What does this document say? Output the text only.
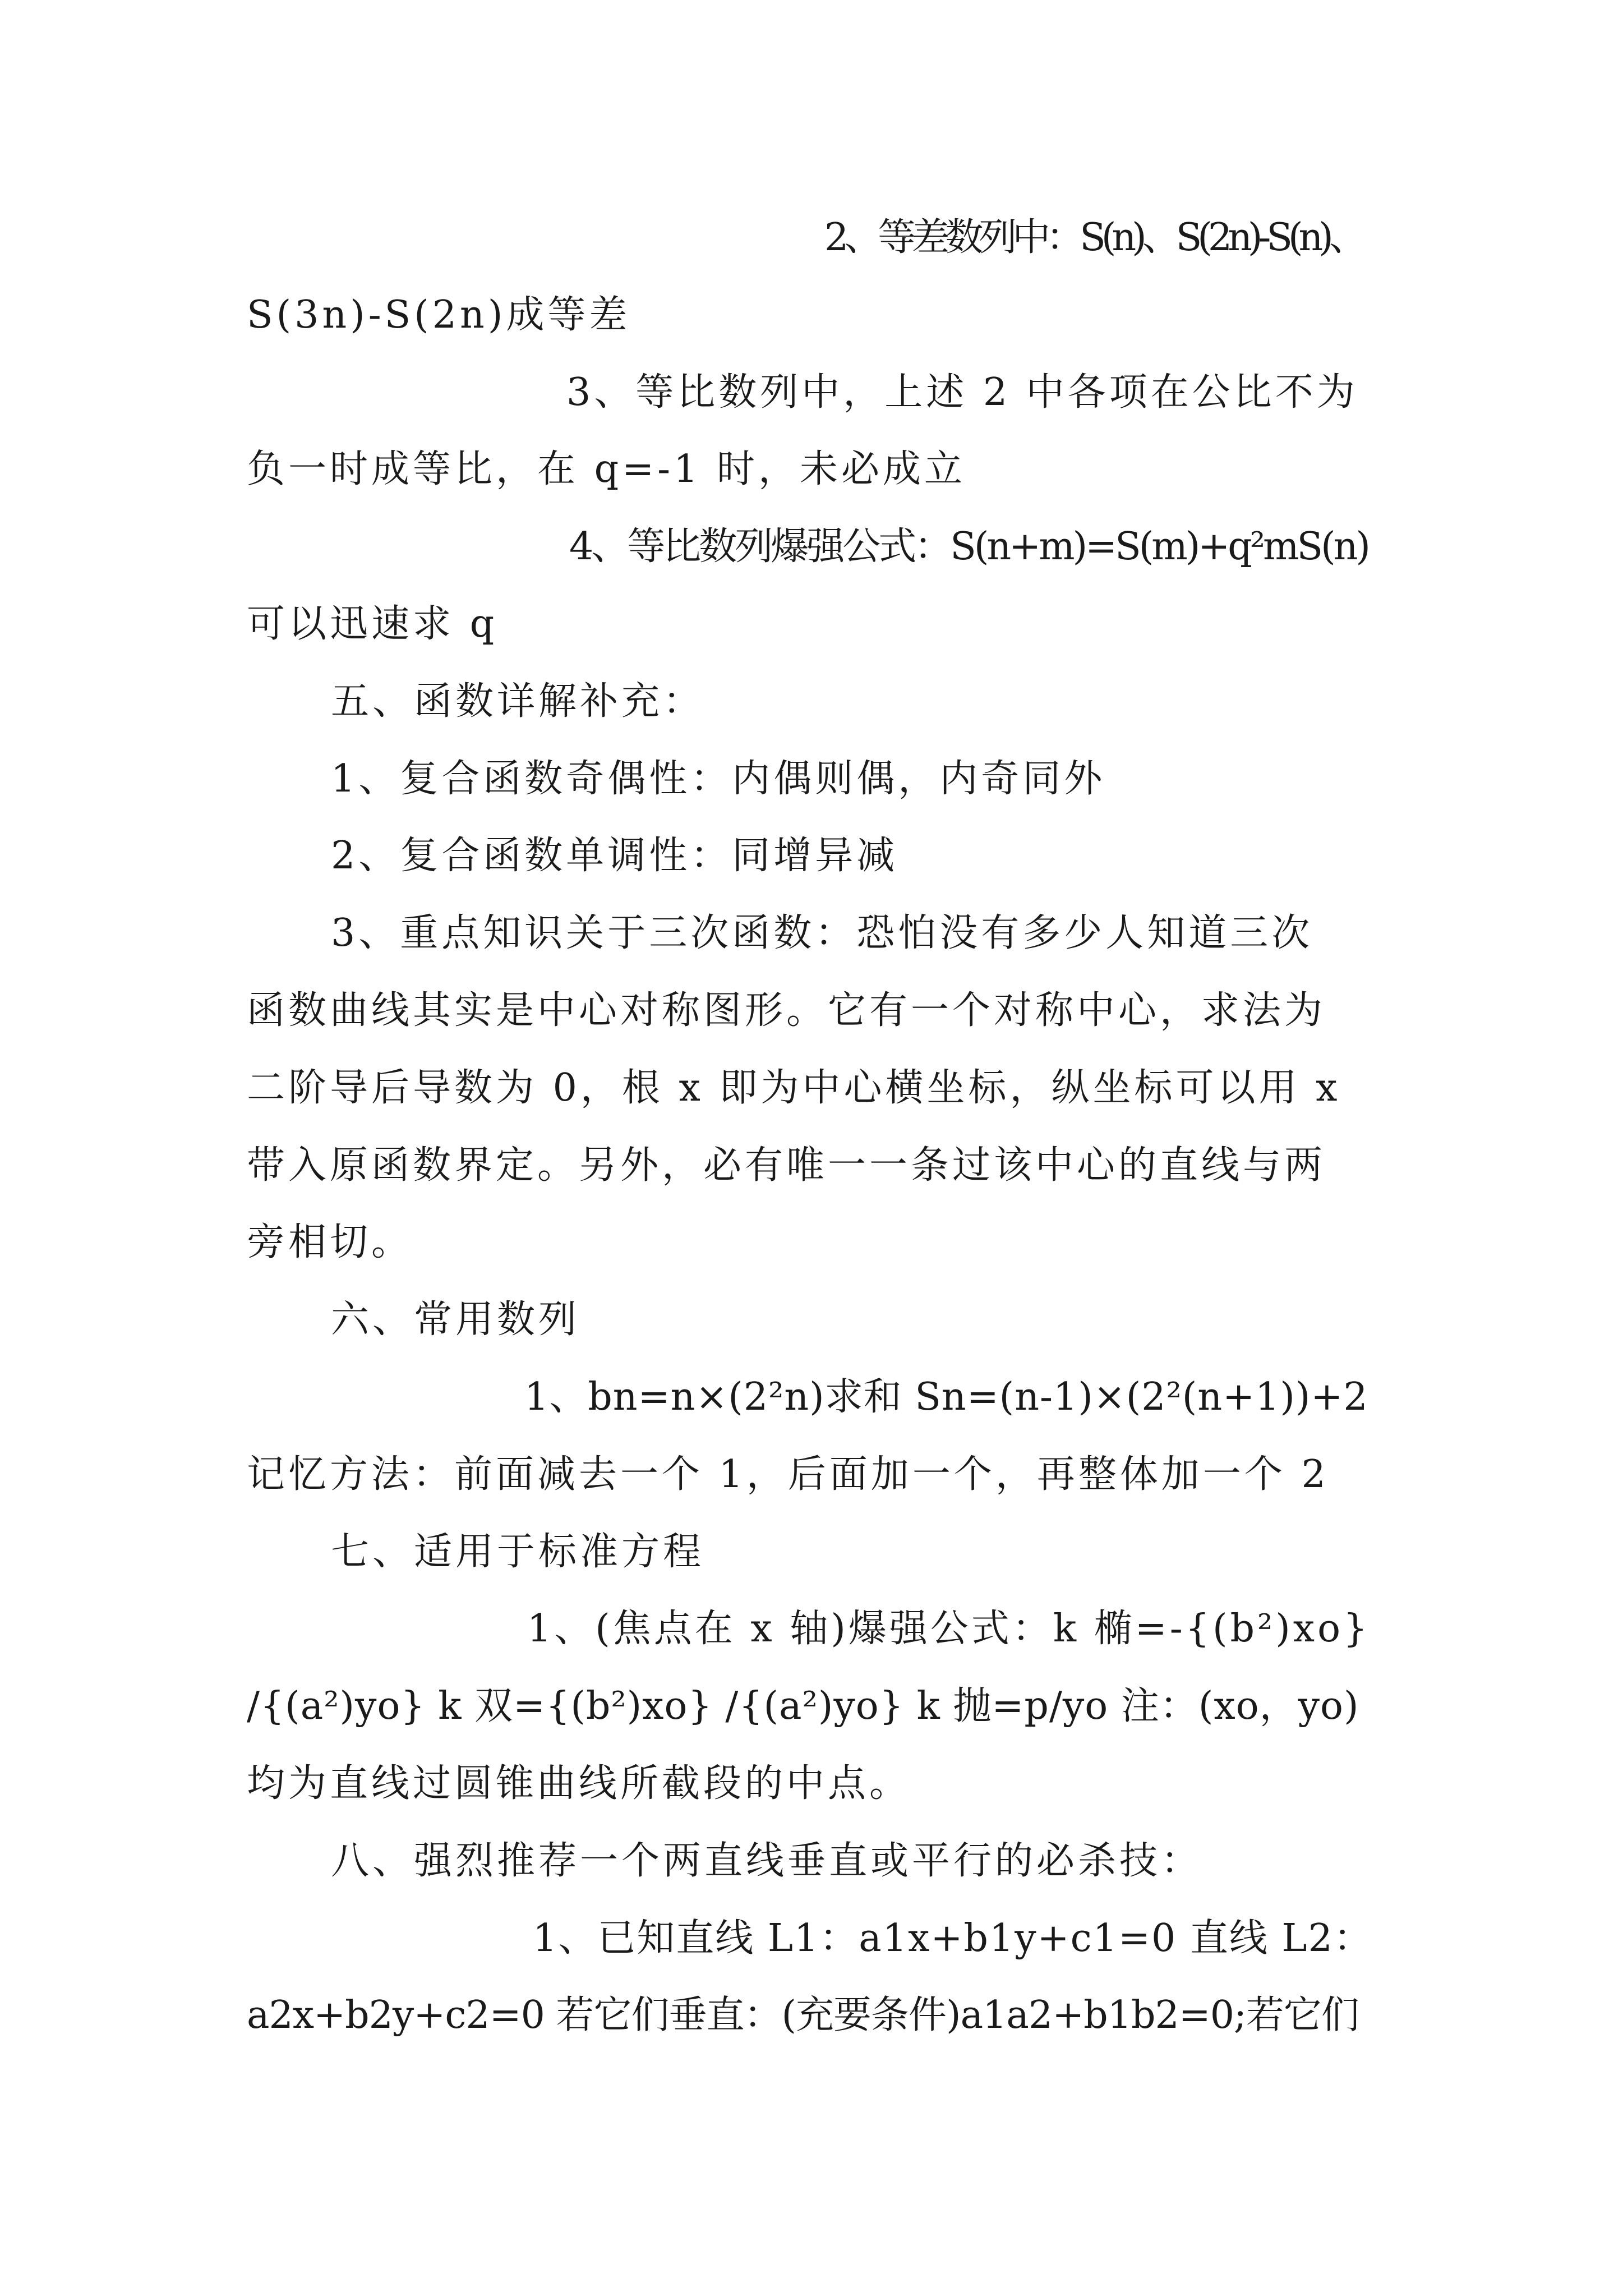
2、等差数列中：S(n)、S(2n)-S(n)、
S(3n)-S(2n)成等差
3、等比数列中，上述 2 中各项在公比不为
负一时成等比，在 q=-1 时，未必成立
4、等比数列爆强公式：S(n+m)=S(m)+q²mS(n)
可以迅速求 q
五、函数详解补充：
1、复合函数奇偶性：内偶则偶，内奇同外
2、复合函数单调性：同增异减
3、重点知识关于三次函数：恐怕没有多少人知道三次
函数曲线其实是中心对称图形。它有一个对称中心，求法为
二阶导后导数为 0，根 x 即为中心横坐标，纵坐标可以用 x
带入原函数界定。另外，必有唯一一条过该中心的直线与两
旁相切。
六、常用数列
1、bn=n×(2²n)求和 Sn=(n-1)×(2²(n+1))+2
记忆方法：前面减去一个 1，后面加一个，再整体加一个 2
七、适用于标准方程
1、(焦点在 x 轴)爆强公式：k 椭=-{(b²)xo}
/{(a²)yo} k 双={(b²)xo} /{(a²)yo} k 抛=p/yo 注：(xo，yo)
均为直线过圆锥曲线所截段的中点。
八、强烈推荐一个两直线垂直或平行的必杀技：
1、已知直线 L1：a1x+b1y+c1=0 直线 L2：
a2x+b2y+c2=0 若它们垂直：(充要条件)a1a2+b1b2=0;若它们
